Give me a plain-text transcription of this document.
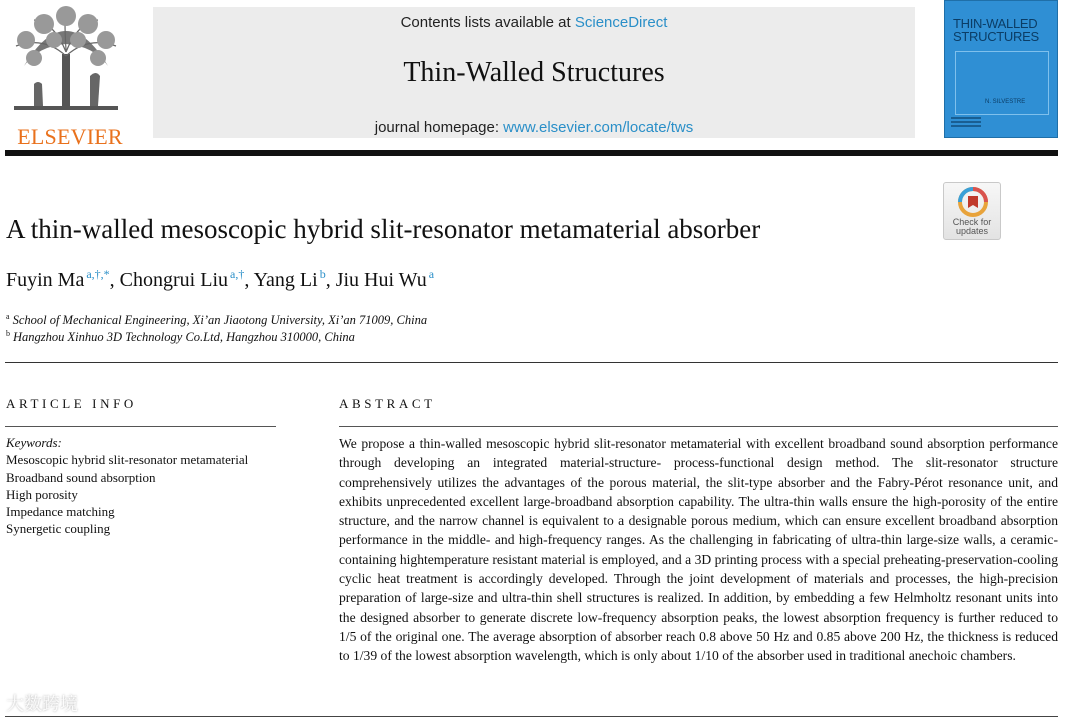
ELSEVIER
Contents lists available at ScienceDirect
Thin-Walled Structures
journal homepage: www.elsevier.com/locate/tws
THIN-WALLED STRUCTURES
N. SILVESTRE
Check for
updates
A thin-walled mesoscopic hybrid slit-resonator metamaterial absorber
Fuyin Ma $^{a,\dagger,*}$, Chongrui Liu $^{a,\dagger}$, Yang Li $^b$, Jiu Hui Wu $^a$
$^a$ School of Mechanical Engineering, Xi’an Jiaotong University, Xi’an 71009, China
$^b$ Hangzhou Xinhuo 3D Technology Co.Ltd, Hangzhou 310000, China
ARTICLE INFO	ABSTRACT
Keywords:
Mesoscopic hybrid slit-resonator metamaterial
Broadband sound absorption
High porosity
Impedance matching
Synergetic coupling
We propose a thin-walled mesoscopic hybrid slit-resonator metamaterial with excellent broadband sound absorption performance through developing an integrated material-structure- process-functional design method. The slit-resonator structure comprehensively utilizes the advantages of the porous material, the slit-type absorber and the Fabry-Pérot resonance unit, and exhibits unprecedented excellent large-broadband absorption capability. The ultra-thin walls ensure the high-porosity of the entire structure, and the narrow channel is equivalent to a designable porous medium, which can ensure excellent broadband absorption performance in the middle- and high-frequency ranges. As the challenging in fabricating of ultra-thin large-size walls, a ceramic-containing hightemperature resistant material is employed, and a 3D printing process with a special preheating-preservation-cooling cyclic heat treatment is accordingly developed. Through the joint development of materials and processes, the high-precision preparation of large-size and ultra-thin shell structures is realized. In addition, by embedding a few Helmholtz resonant units into the designed absorber to generate discrete low-frequency absorption peaks, the lowest absorption frequency is further reduced to 1/5 of the original one. The average absorption of absorber reach 0.8 above 50 Hz and 0.85 above 200 Hz, the thickness is reduced to 1/39 of the lowest absorption wavelength, which is only about 1/10 of the absorber used in traditional anechoic chambers.
大数跨境
